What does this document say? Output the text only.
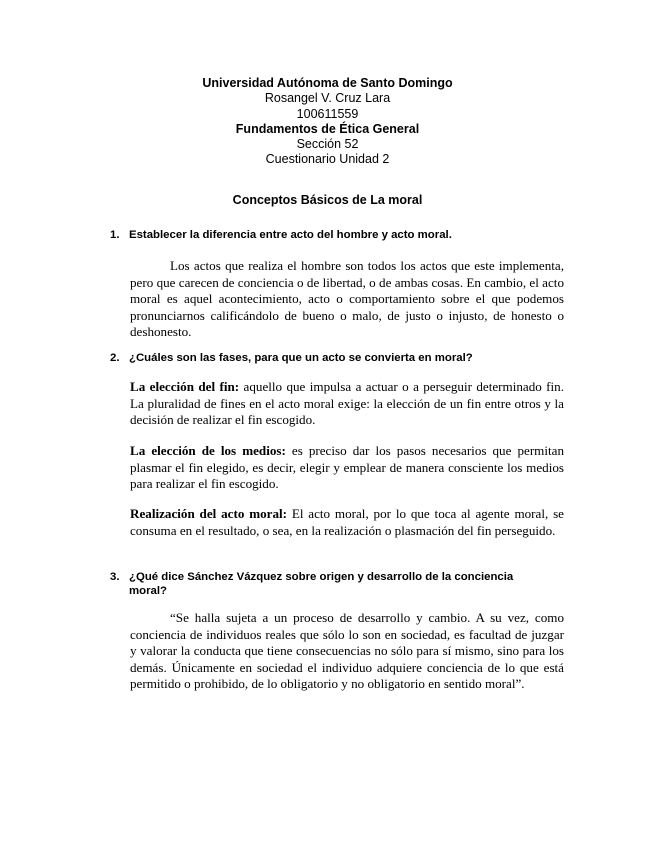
Universidad Autónoma de Santo Domingo
Rosangel V. Cruz Lara
100611559
Fundamentos de Ética General
Sección 52
Cuestionario Unidad 2
Conceptos Básicos de La moral
1. Establecer la diferencia entre acto del hombre y acto moral.
Los actos que realiza el hombre son todos los actos que este implementa, pero que carecen de conciencia o de libertad, o de ambas cosas. En cambio, el acto moral es aquel acontecimiento, acto o comportamiento sobre el que podemos pronunciarnos calificándolo de bueno o malo, de justo o injusto, de honesto o deshonesto.
2. ¿Cuáles son las fases, para que un acto se convierta en moral?
La elección del fin: aquello que impulsa a actuar o a perseguir determinado fin. La pluralidad de fines en el acto moral exige: la elección de un fin entre otros y la decisión de realizar el fin escogido.
La elección de los medios: es preciso dar los pasos necesarios que permitan plasmar el fin elegido, es decir, elegir y emplear de manera consciente los medios para realizar el fin escogido.
Realización del acto moral: El acto moral, por lo que toca al agente moral, se consuma en el resultado, o sea, en la realización o plasmación del fin perseguido.
3. ¿Qué dice Sánchez Vázquez sobre origen y desarrollo de la conciencia moral?
“Se halla sujeta a un proceso de desarrollo y cambio. A su vez, como conciencia de individuos reales que sólo lo son en sociedad, es facultad de juzgar y valorar la conducta que tiene consecuencias no sólo para sí mismo, sino para los demás. Únicamente en sociedad el individuo adquiere conciencia de lo que está permitido o prohibido, de lo obligatorio y no obligatorio en sentido moral”.
